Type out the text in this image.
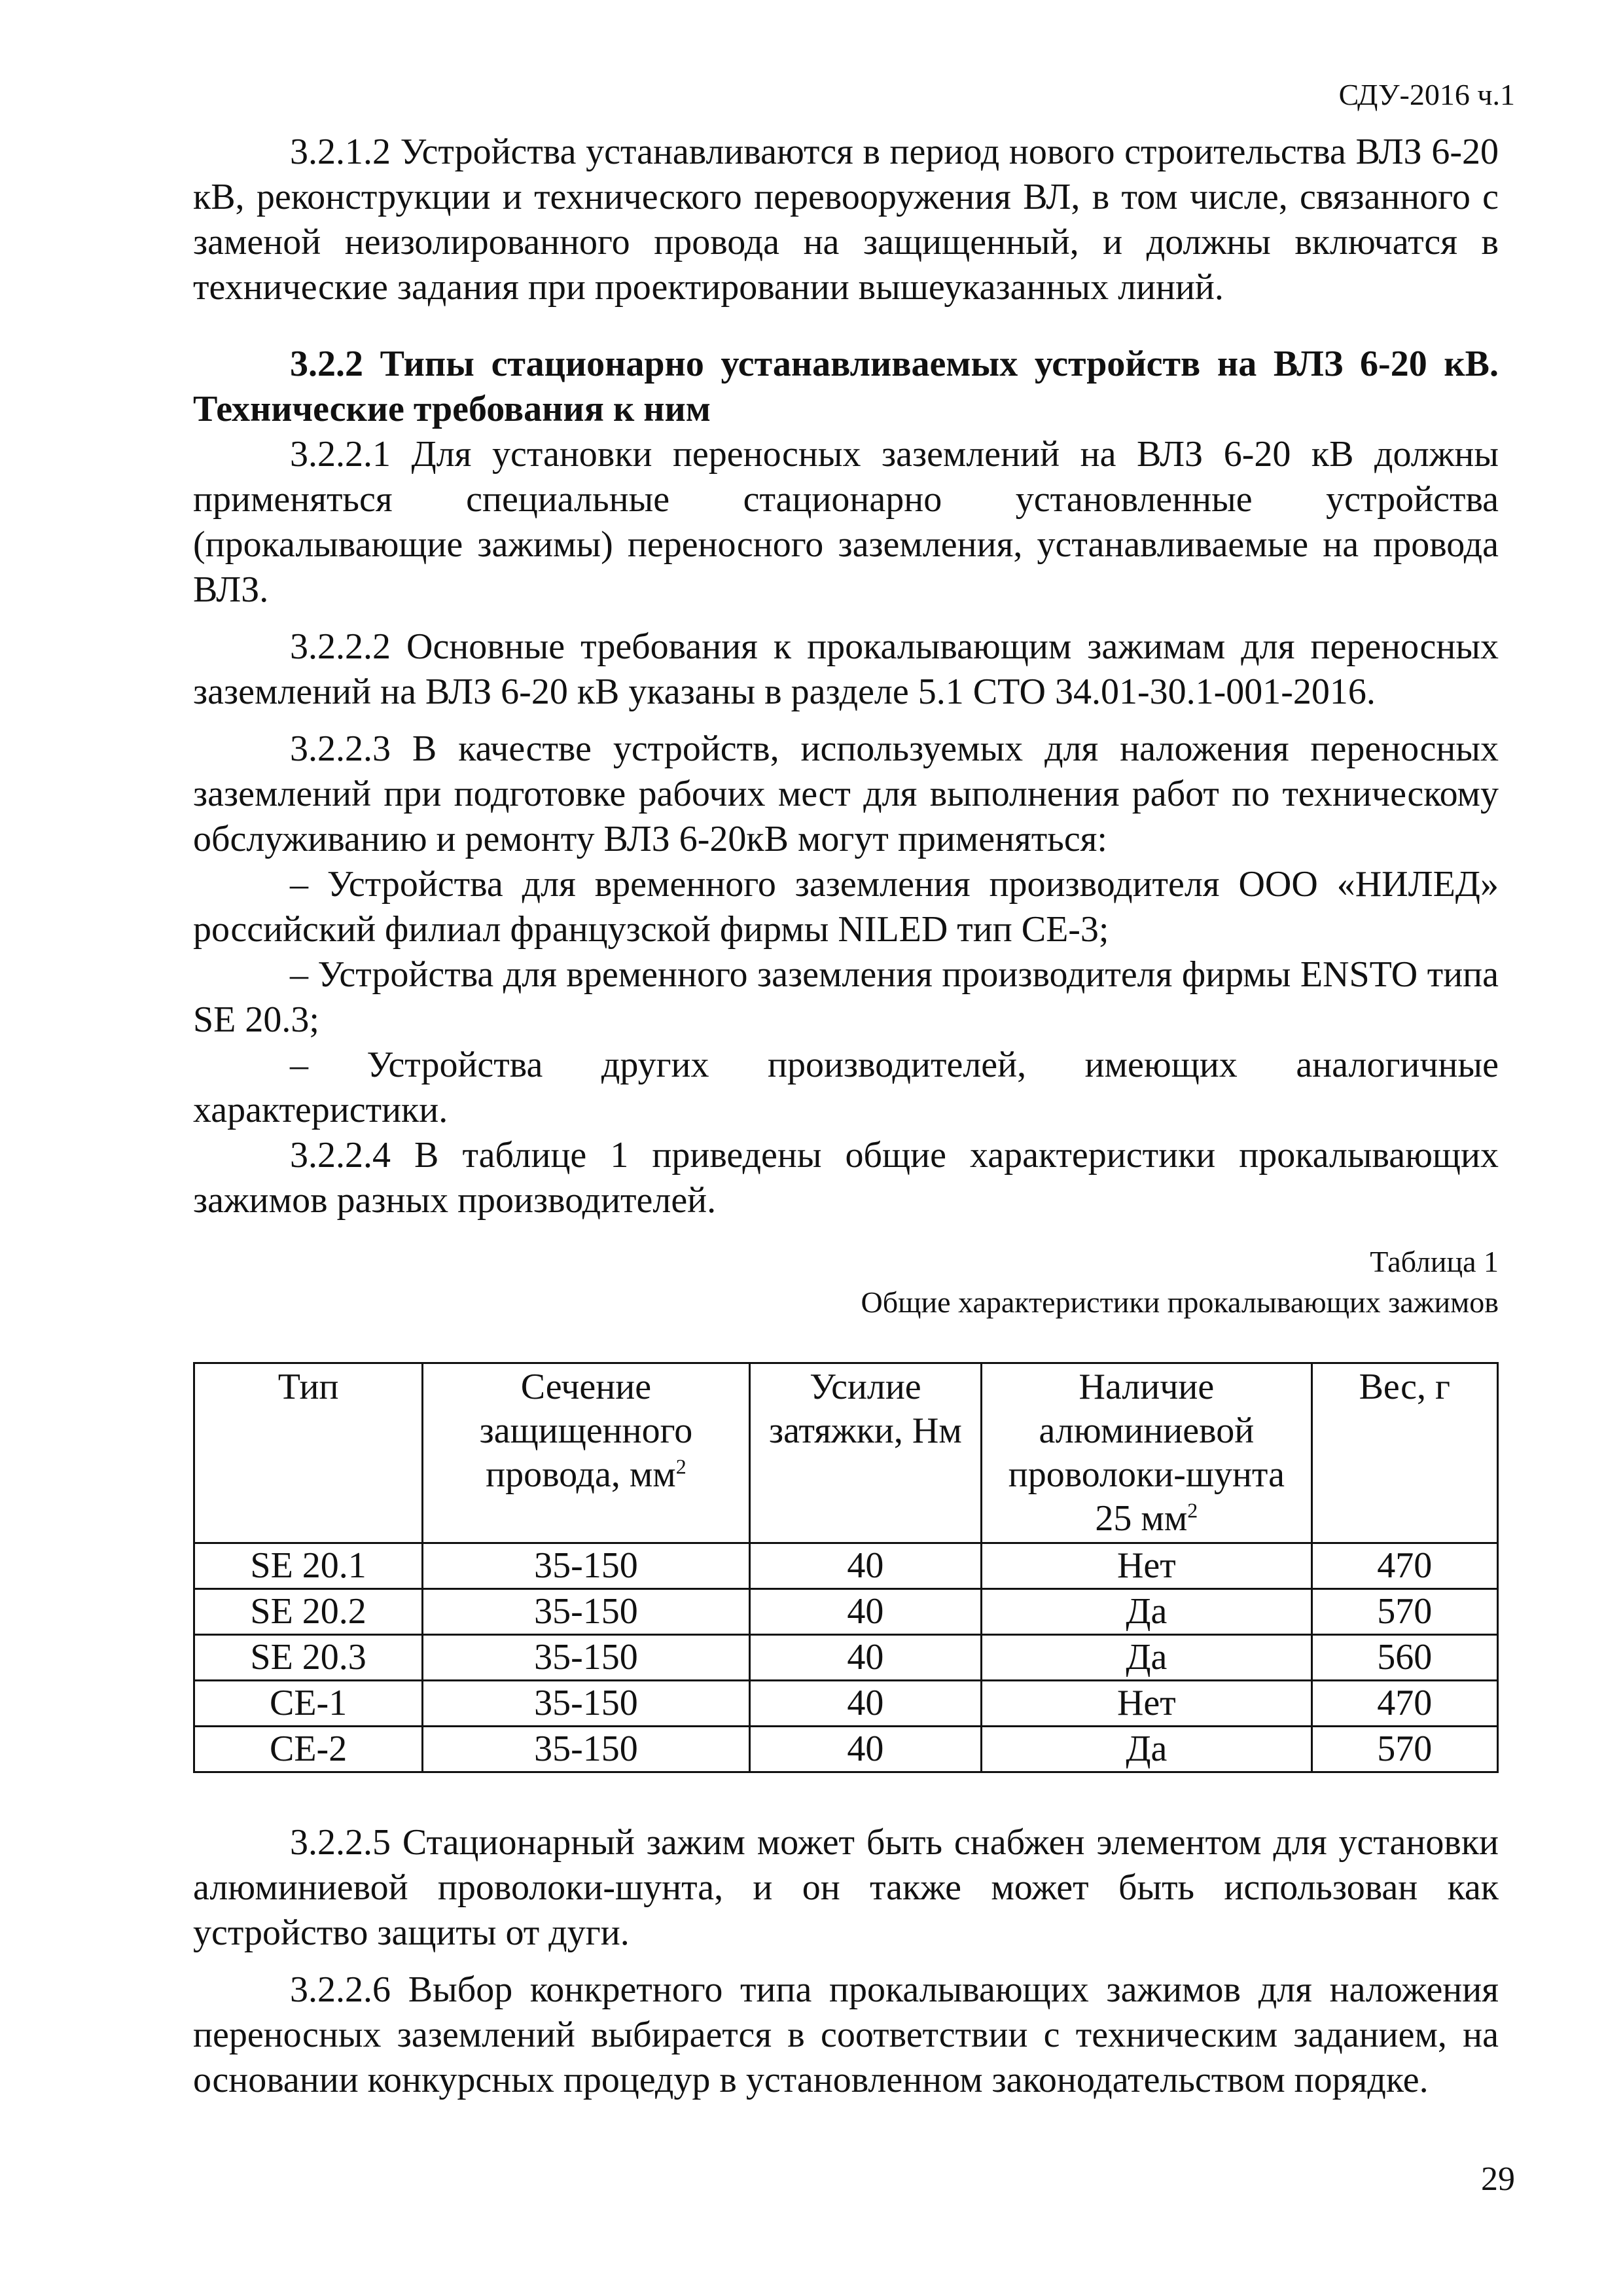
СДУ-2016 ч.1

3.2.1.2 Устройства устанавливаются в период нового строительства ВЛЗ 6-20 кВ, реконструкции и технического перевооружения ВЛ, в том числе, связанного с заменой неизолированного провода на защищенный, и должны включатся в технические задания при проектировании вышеуказанных линий.

3.2.2 Типы стационарно устанавливаемых устройств на ВЛЗ 6-20 кВ. Технические требования к ним

3.2.2.1 Для установки переносных заземлений на ВЛЗ 6-20 кВ должны применяться специальные стационарно установленные устройства (прокалывающие зажимы) переносного заземления, устанавливаемые на провода ВЛЗ.

3.2.2.2 Основные требования к прокалывающим зажимам для переносных заземлений на ВЛЗ 6-20 кВ указаны в разделе 5.1 СТО 34.01-30.1-001-2016.

3.2.2.3 В качестве устройств, используемых для наложения переносных заземлений при подготовке рабочих мест для выполнения работ по техническому обслуживанию и ремонту ВЛЗ 6-20кВ могут применяться:

– Устройства для временного заземления производителя ООО «НИЛЕД» российский филиал французской фирмы NILED тип СЕ-3;

– Устройства для временного заземления производителя фирмы ENSTO типа SE 20.3;

– Устройства других производителей, имеющих аналогичные характеристики.

3.2.2.4 В таблице 1 приведены общие характеристики прокалывающих зажимов разных производителей.

Таблица 1
Общие характеристики прокалывающих зажимов
Тип	Сечение защищенного провода, $мм^2$	Усилие затяжки, Нм	Наличие алюминиевой проволоки-шунта 25 $мм^2$	Вес, г
SE 20.1	35-150	40	Нет	470
SE 20.2	35-150	40	Да	570
SE 20.3	35-150	40	Да	560
СЕ-1	35-150	40	Нет	470
СЕ-2	35-150	40	Да	570

3.2.2.5 Стационарный зажим может быть снабжен элементом для установки алюминиевой проволоки-шунта, и он также может быть использован как устройство защиты от дуги.

3.2.2.6 Выбор конкретного типа прокалывающих зажимов для наложения переносных заземлений выбирается в соответствии с техническим заданием, на основании конкурсных процедур в установленном законодательством порядке.

29
